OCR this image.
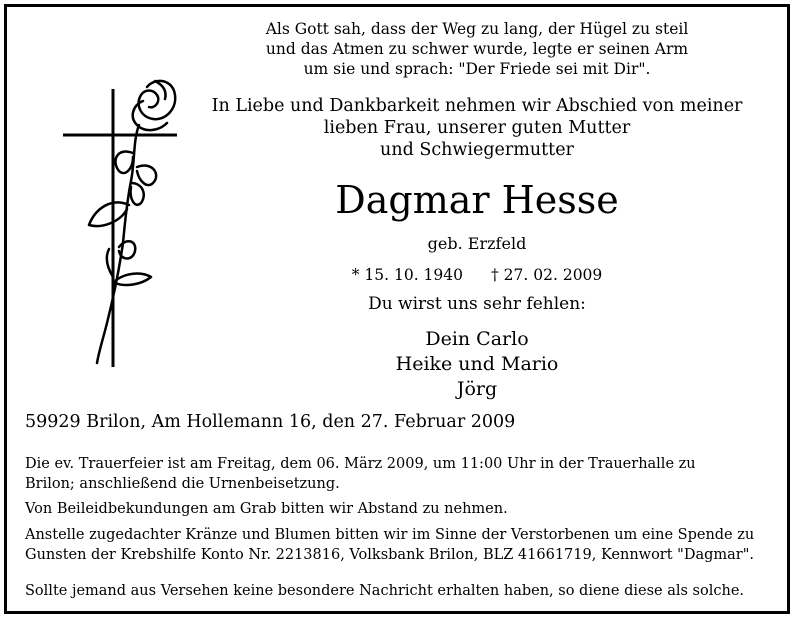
Als Gott sah, dass der Weg zu lang, der Hügel zu steil
und das Atmen zu schwer wurde, legte er seinen Arm
um sie und sprach: "Der Friede sei mit Dir".
In Liebe und Dankbarkeit nehmen wir Abschied von meiner
lieben Frau, unserer guten Mutter
und Schwiegermutter
Dagmar Hesse
geb. Erzfeld
* 15. 10. 1940 † 27. 02. 2009
Du wirst uns sehr fehlen:
Dein Carlo
Heike und Mario
Jörg
59929 Brilon, Am Hollemann 16, den 27. Februar 2009
Die ev. Trauerfeier ist am Freitag, dem 06. März 2009, um 11:00 Uhr in der Trauerhalle zu
Brilon; anschließend die Urnenbeisetzung.
Von Beileidbekundungen am Grab bitten wir Abstand zu nehmen.
Anstelle zugedachter Kränze und Blumen bitten wir im Sinne der Verstorbenen um eine Spende zu
Gunsten der Krebshilfe Konto Nr. 2213816, Volksbank Brilon, BLZ 41661719, Kennwort "Dagmar".
Sollte jemand aus Versehen keine besondere Nachricht erhalten haben, so diene diese als solche.
